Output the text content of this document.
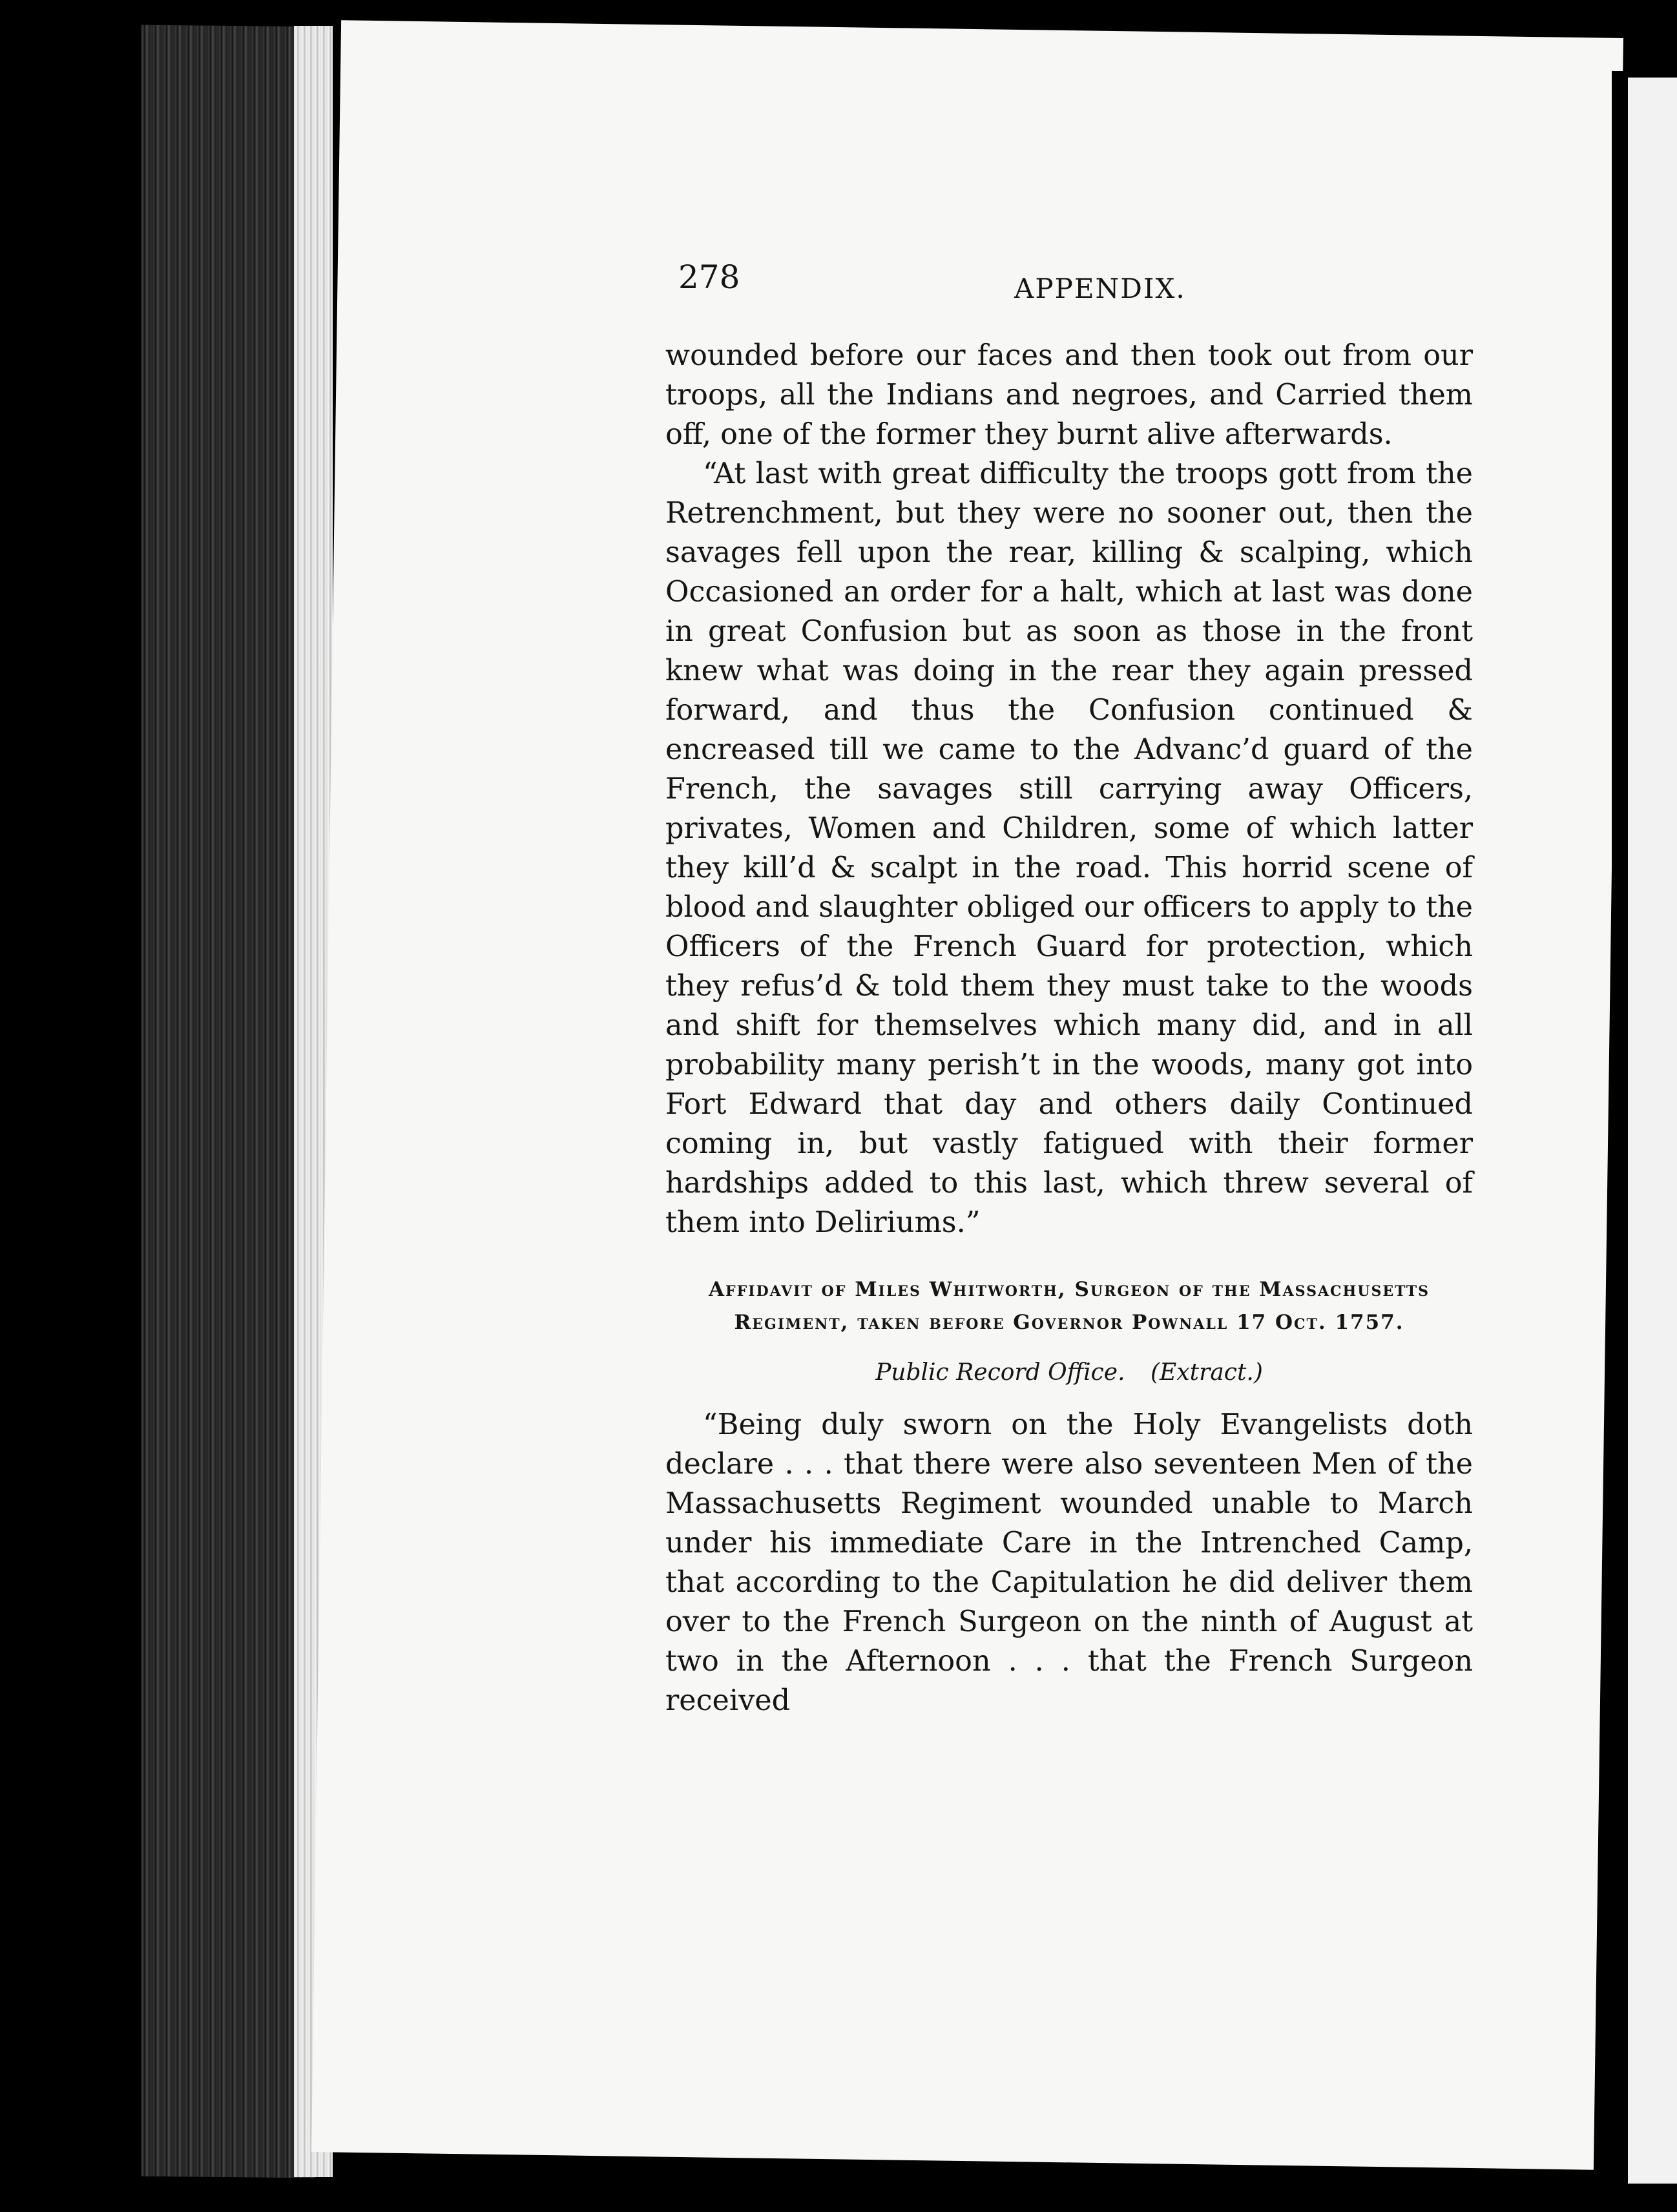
278	APPENDIX.

wounded before our faces and then took out from our troops, all the Indians and negroes, and Carried them off, one of the former they burnt alive afterwards.

“At last with great difficulty the troops gott from the Retrenchment, but they were no sooner out, then the savages fell upon the rear, killing & scalping, which Occasioned an order for a halt, which at last was done in great Confusion but as soon as those in the front knew what was doing in the rear they again pressed forward, and thus the Confusion continued & encreased till we came to the Advanc’d guard of the French, the savages still carrying away Officers, privates, Women and Children, some of which latter they kill’d & scalpt in the road. This horrid scene of blood and slaughter obliged our officers to apply to the Officers of the French Guard for protection, which they refus’d & told them they must take to the woods and shift for themselves which many did, and in all probability many perish’t in the woods, many got into Fort Edward that day and others daily Continued coming in, but vastly fatigued with their former hardships added to this last, which threw several of them into Deliriums.”

Affidavit of Miles Whitworth, Surgeon of the Massachusetts

Regiment, taken before Governor Pownall 17 Oct. 1757.

Public Record Office. (Extract.)

“Being duly sworn on the Holy Evangelists doth declare . . . that there were also seventeen Men of the Massachusetts Regiment wounded unable to March under his immediate Care in the Intrenched Camp, that according to the Capitulation he did deliver them over to the French Surgeon on the ninth of August at two in the Afternoon . . . that the French Surgeon received
